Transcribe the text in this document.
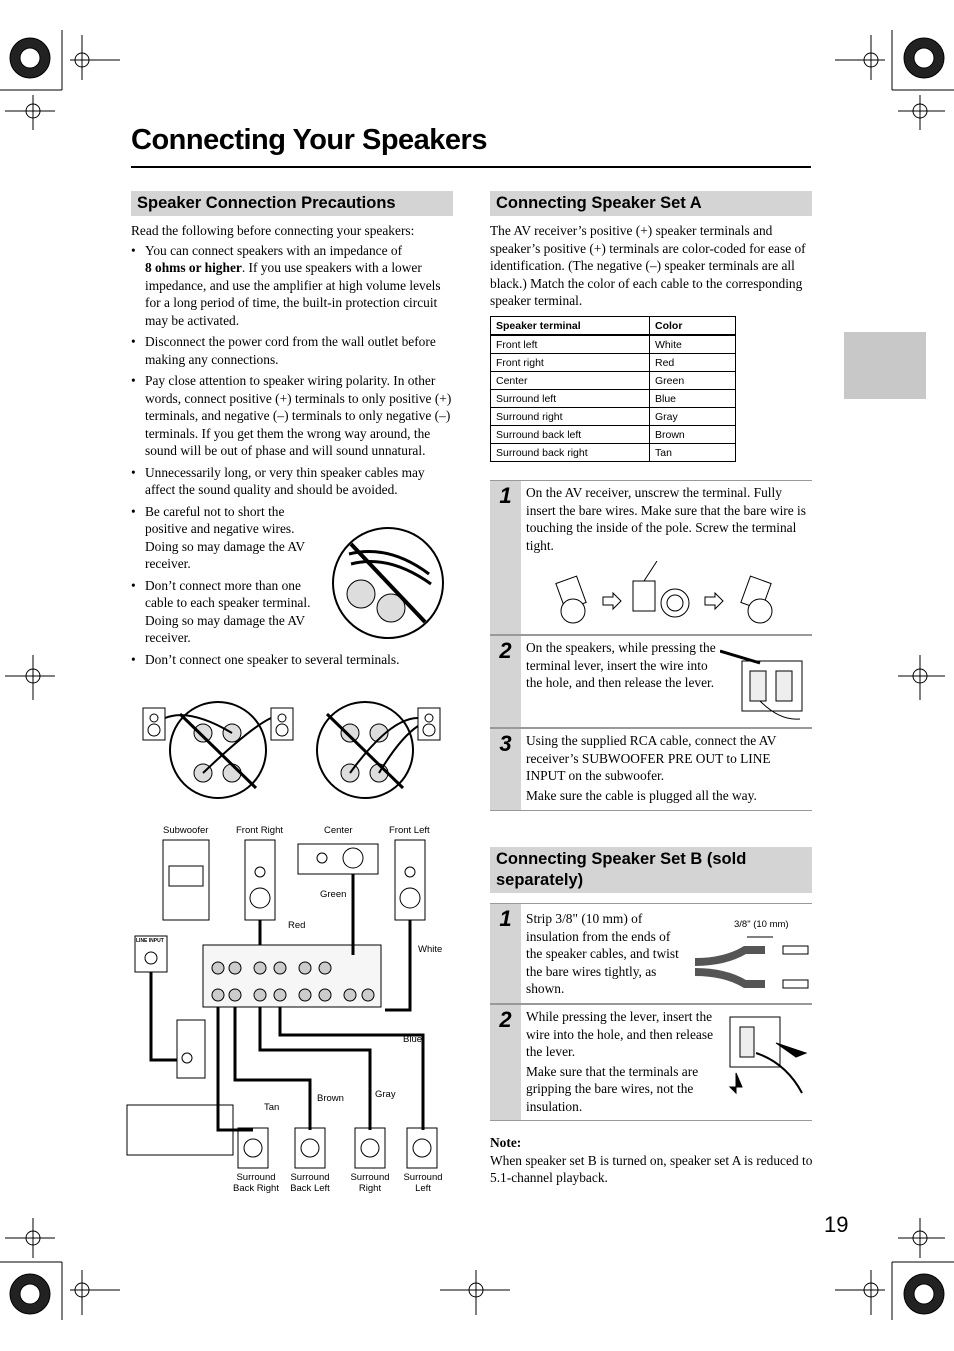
Connecting Your Speakers
Speaker Connection Precautions
Read the following before connecting your speakers:
• You can connect speakers with an impedance of
8 ohms or higher. If you use speakers with a lower impedance, and use the amplifier at high volume levels for a long period of time, the built-in protection circuit may be activated.
• Disconnect the power cord from the wall outlet before making any connections.
• Pay close attention to speaker wiring polarity. In other words, connect positive (+) terminals to only positive (+) terminals, and negative (–) terminals to only negative (–) terminals. If you get them the wrong way around, the sound will be out of phase and will sound unnatural.
• Unnecessarily long, or very thin speaker cables may affect the sound quality and should be avoided.
• Be careful not to short the positive and negative wires. Doing so may damage the AV receiver.
• Don’t connect more than one cable to each speaker terminal. Doing so may damage the AV receiver.
• Don’t connect one speaker to several terminals.
Subwoofer	Front Right	Center	Front Left
Green
Red
White
LINE INPUT
Blue
Gray
Brown
Tan
Surround
Back Right
Surround
Back Left
Surround
Right
Surround
Left
Connecting Speaker Set A
The AV receiver’s positive (+) speaker terminals and speaker’s positive (+) terminals are color-coded for ease of identification. (The negative (–) speaker terminals are all black.) Match the color of each cable to the corresponding speaker terminal.
Speaker terminal	Color
Front left	White
Front right	Red
Center	Green
Surround left	Blue
Surround right	Gray
Surround back left	Brown
Surround back right	Tan
1	On the AV receiver, unscrew the terminal. Fully insert the bare wires. Make sure that the bare wire is touching the inside of the pole. Screw the terminal tight.
2	On the speakers, while pressing the terminal lever, insert the wire into the hole, and then release the lever.
3	Using the supplied RCA cable, connect the AV receiver’s SUBWOOFER PRE OUT to LINE INPUT on the subwoofer.
Make sure the cable is plugged all the way.
Connecting Speaker Set B (sold separately)
1	Strip 3/8" (10 mm) of insulation from the ends of the speaker cables, and twist the bare wires tightly, as shown.
3/8" (10 mm)
2	While pressing the lever, insert the wire into the hole, and then release the lever.
Make sure that the terminals are gripping the bare wires, not the insulation.
Note:
When speaker set B is turned on, speaker set A is reduced to 5.1-channel playback.
19
